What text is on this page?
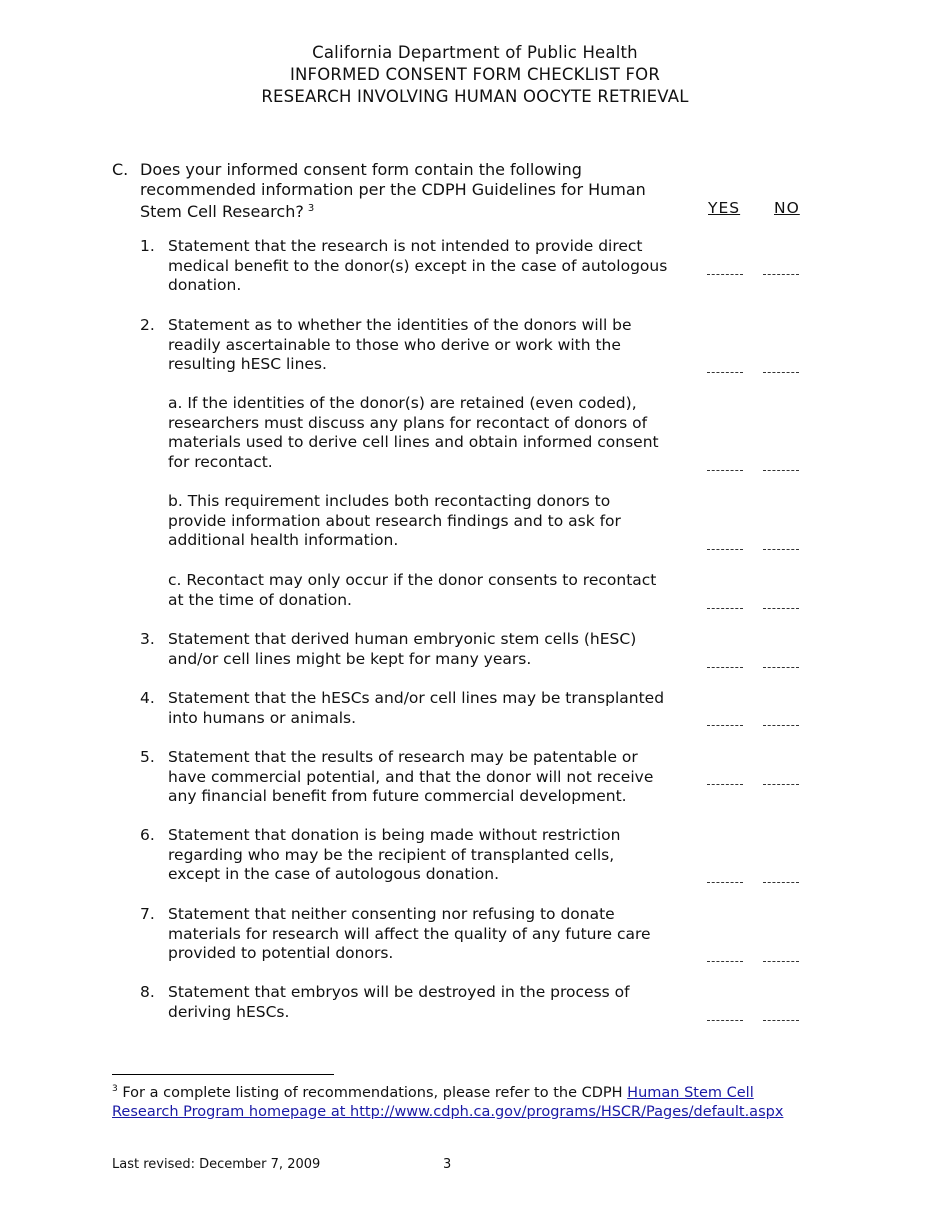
California Department of Public Health
INFORMED CONSENT FORM CHECKLIST FOR
RESEARCH INVOLVING HUMAN OOCYTE RETRIEVAL
C. Does your informed consent form contain the following recommended information per the CDPH Guidelines for Human Stem Cell Research? $^3$	YES NO
1. Statement that the research is not intended to provide direct medical benefit to the donor(s) except in the case of autologous donation.
2. Statement as to whether the identities of the donors will be readily ascertainable to those who derive or work with the resulting hESC lines.
a. If the identities of the donor(s) are retained (even coded), researchers must discuss any plans for recontact of donors of materials used to derive cell lines and obtain informed consent for recontact.
b. This requirement includes both recontacting donors to provide information about research findings and to ask for additional health information.
c. Recontact may only occur if the donor consents to recontact at the time of donation.
3. Statement that derived human embryonic stem cells (hESC) and/or cell lines might be kept for many years.
4. Statement that the hESCs and/or cell lines may be transplanted into humans or animals.
5. Statement that the results of research may be patentable or have commercial potential, and that the donor will not receive any financial benefit from future commercial development.
6. Statement that donation is being made without restriction regarding who may be the recipient of transplanted cells, except in the case of autologous donation.
7. Statement that neither consenting nor refusing to donate materials for research will affect the quality of any future care provided to potential donors.
8. Statement that embryos will be destroyed in the process of deriving hESCs.
$^3$ For a complete listing of recommendations, please refer to the CDPH Human Stem Cell Research Program homepage at http://www.cdph.ca.gov/programs/HSCR/Pages/default.aspx
Last revised: December 7, 2009	3
